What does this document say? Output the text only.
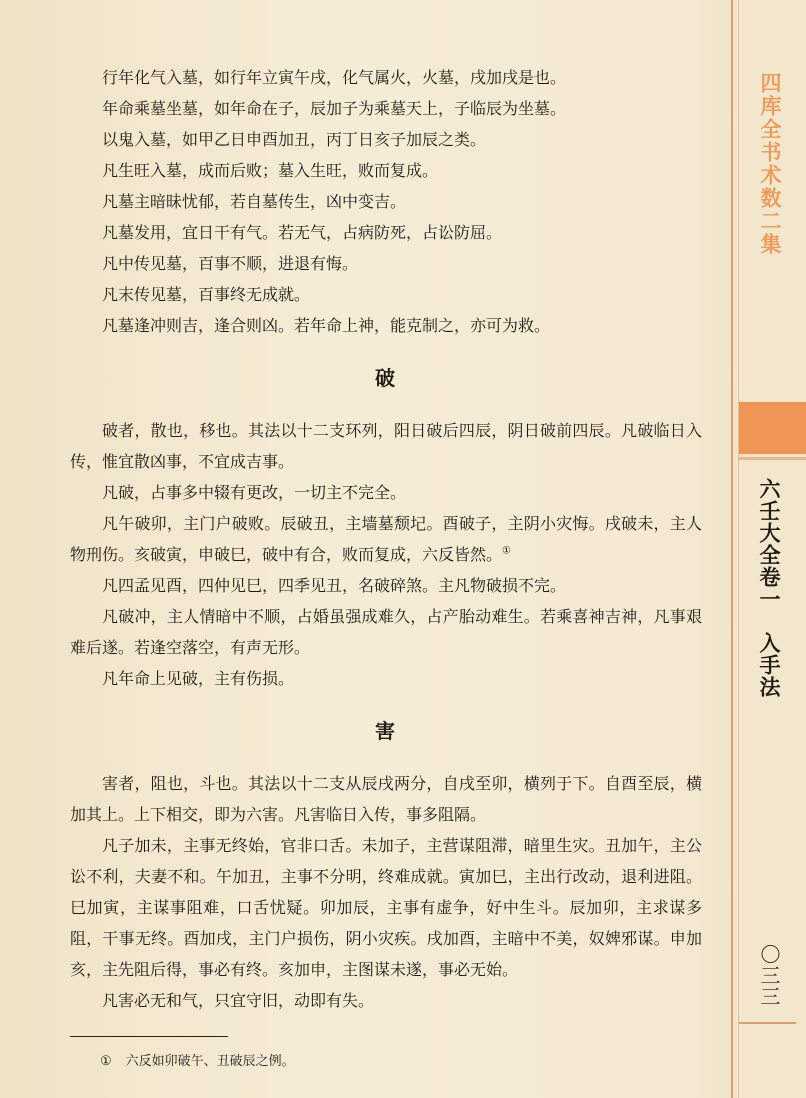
行年化气入墓，如行年立寅午戌，化气属火，火墓，戌加戌是也。

年命乘墓坐墓，如年命在子，辰加子为乘墓天上，子临辰为坐墓。

以鬼入墓，如甲乙日申酉加丑，丙丁日亥子加辰之类。

凡生旺入墓，成而后败；墓入生旺，败而复成。

凡墓主暗昧忧郁，若自墓传生，凶中变吉。

凡墓发用，宜日干有气。若无气，占病防死，占讼防屈。

凡中传见墓，百事不顺，进退有悔。

凡末传见墓，百事终无成就。

凡墓逢冲则吉，逢合则凶。若年命上神，能克制之，亦可为救。

破

破者，散也，移也。其法以十二支环列，阳日破后四辰，阴日破前四辰。凡破临日入传，惟宜散凶事，不宜成吉事。

凡破，占事多中辍有更改，一切主不完全。

凡午破卯，主门户破败。辰破丑，主墙墓颓圮。酉破子，主阴小灾悔。戌破未，主人物刑伤。亥破寅，申破巳，破中有合，败而复成，六反皆然。①

凡四孟见酉，四仲见巳，四季见丑，名破碎煞。主凡物破损不完。

凡破冲，主人情暗中不顺，占婚虽强成难久，占产胎动难生。若乘喜神吉神，凡事艰难后遂。若逢空落空，有声无形。

凡年命上见破，主有伤损。

害

害者，阻也，斗也。其法以十二支从辰戌两分，自戌至卯，横列于下。自酉至辰，横加其上。上下相交，即为六害。凡害临日入传，事多阻隔。

凡子加未，主事无终始，官非口舌。未加子，主营谋阻滞，暗里生灾。丑加午，主公讼不利，夫妻不和。午加丑，主事不分明，终难成就。寅加巳，主出行改动，退利进阻。巳加寅，主谋事阻难，口舌忧疑。卯加辰，主事有虚争，好中生斗。辰加卯，主求谋多阻，干事无终。酉加戌，主门户损伤，阴小灾疾。戌加酉，主暗中不美，奴婢邪谋。申加亥，主先阻后得，事必有终。亥加申，主图谋未遂，事必无始。

凡害必无和气，只宜守旧，动即有失。

① 六反如卯破午、丑破辰之例。
四库全书术数二集
六壬大全卷一　入手法
〇三三
